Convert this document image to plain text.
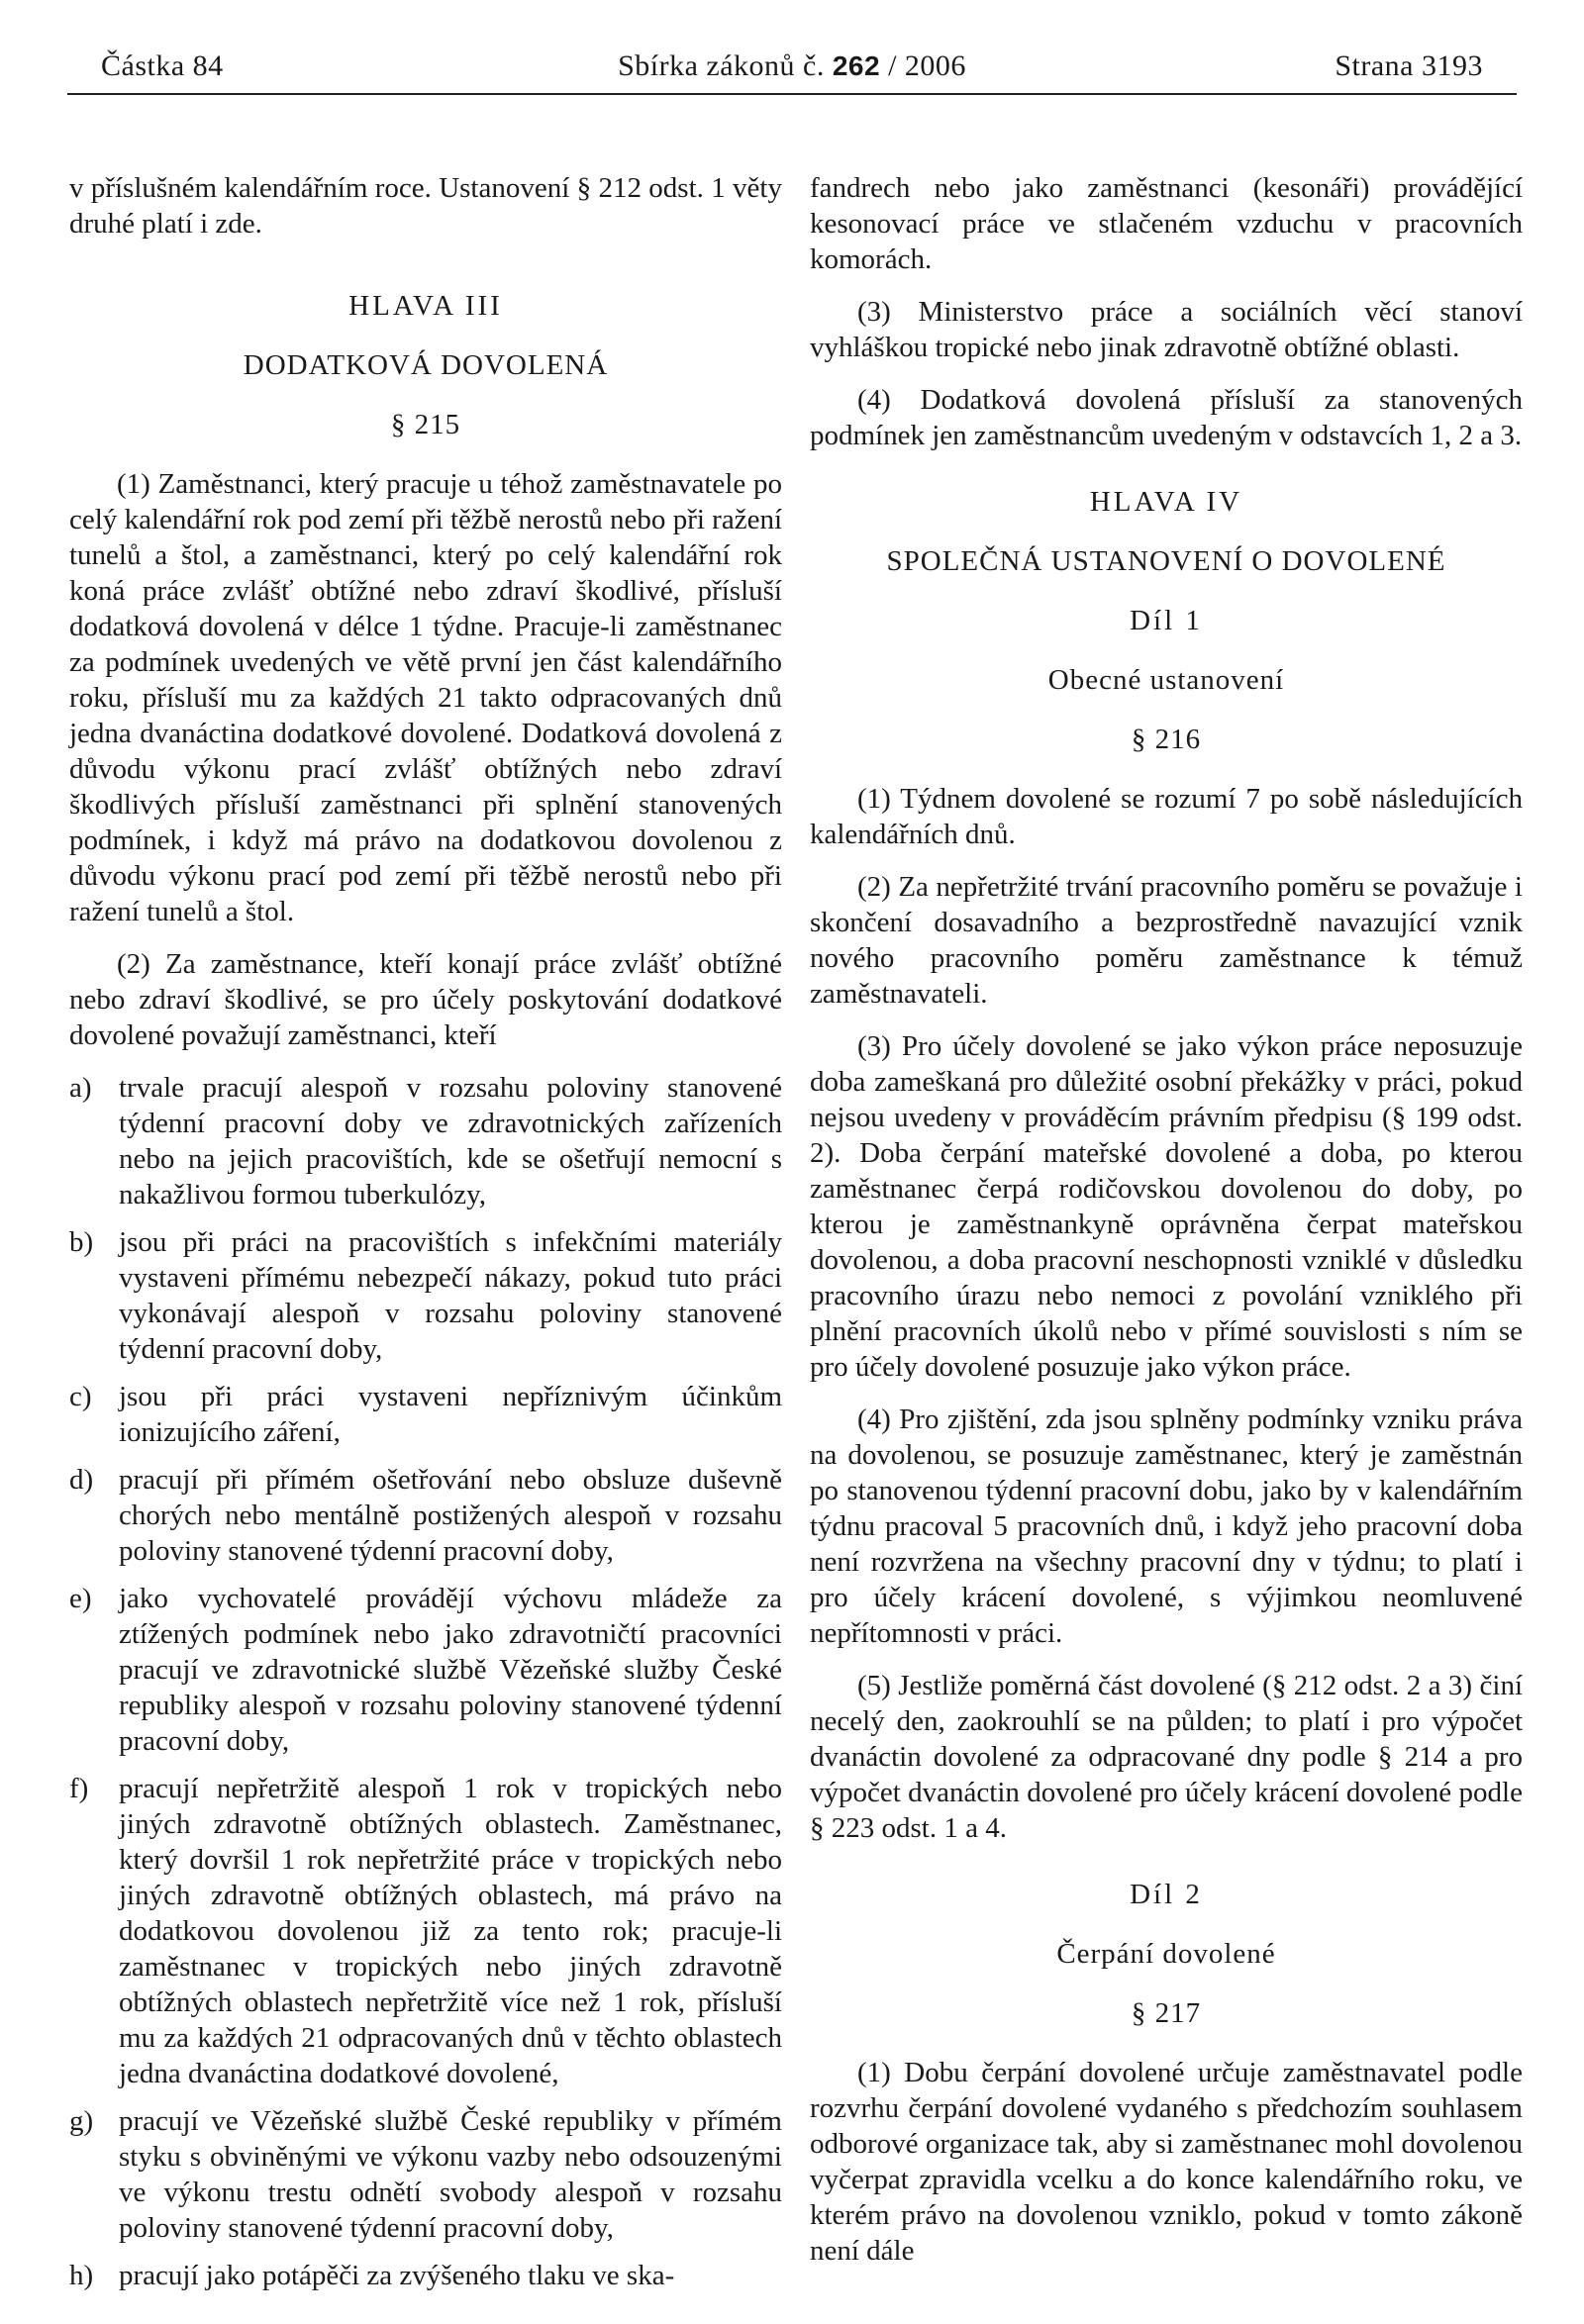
Částka 84	Sbírka zákonů č. 262 / 2006	Strana 3193

v příslušném kalendářním roce. Ustanovení § 212 odst. 1 věty druhé platí i zde.

HLAVA III
DODATKOVÁ DOVOLENÁ
§ 215

(1) Zaměstnanci, který pracuje u téhož zaměstnavatele po celý kalendářní rok pod zemí při těžbě nerostů nebo při ražení tunelů a štol, a zaměstnanci, který po celý kalendářní rok koná práce zvlášť obtížné nebo zdraví škodlivé, přísluší dodatková dovolená v délce 1 týdne. Pracuje-li zaměstnanec za podmínek uvedených ve větě první jen část kalendářního roku, přísluší mu za každých 21 takto odpracovaných dnů jedna dvanáctina dodatkové dovolené. Dodatková dovolená z důvodu výkonu prací zvlášť obtížných nebo zdraví škodlivých přísluší zaměstnanci při splnění stanovených podmínek, i když má právo na dodatkovou dovolenou z důvodu výkonu prací pod zemí při těžbě nerostů nebo při ražení tunelů a štol.

(2) Za zaměstnance, kteří konají práce zvlášť obtížné nebo zdraví škodlivé, se pro účely poskytování dodatkové dovolené považují zaměstnanci, kteří

a) trvale pracují alespoň v rozsahu poloviny stanovené týdenní pracovní doby ve zdravotnických zařízeních nebo na jejich pracovištích, kde se ošetřují nemocní s nakažlivou formou tuberkulózy,
b) jsou při práci na pracovištích s infekčními materiály vystaveni přímému nebezpečí nákazy, pokud tuto práci vykonávají alespoň v rozsahu poloviny stanovené týdenní pracovní doby,
c) jsou při práci vystaveni nepříznivým účinkům ionizujícího záření,
d) pracují při přímém ošetřování nebo obsluze duševně chorých nebo mentálně postižených alespoň v rozsahu poloviny stanovené týdenní pracovní doby,
e) jako vychovatelé provádějí výchovu mládeže za ztížených podmínek nebo jako zdravotničtí pracovníci pracují ve zdravotnické službě Vězeňské služby České republiky alespoň v rozsahu poloviny stanovené týdenní pracovní doby,
f)	pracují nepřetržitě alespoň 1 rok v tropických nebo jiných zdravotně obtížných oblastech. Zaměstnanec, který dovršil 1 rok nepřetržité práce v tropických nebo jiných zdravotně obtížných oblastech, má právo na dodatkovou dovolenou již za tento rok; pracuje-li zaměstnanec v tropických nebo jiných zdravotně obtížných oblastech nepřetržitě více než 1 rok, přísluší mu za každých 21 odpracovaných dnů v těchto oblastech jedna dvanáctina dodatkové dovolené,
g) pracují ve Vězeňské službě České republiky v přímém styku s obviněnými ve výkonu vazby nebo odsouzenými ve výkonu trestu odnětí svobody alespoň v rozsahu poloviny stanovené týdenní pracovní doby,
h) pracují jako potápěči za zvýšeného tlaku ve ska-

fandrech nebo jako zaměstnanci (kesonáři) provádějící kesonovací práce ve stlačeném vzduchu v pracovních komorách.

(3) Ministerstvo práce a sociálních věcí stanoví vyhláškou tropické nebo jinak zdravotně obtížné oblasti.

(4) Dodatková dovolená přísluší za stanovených podmínek jen zaměstnancům uvedeným v odstavcích 1, 2 a 3.

HLAVA IV
SPOLEČNÁ USTANOVENÍ O DOVOLENÉ
Díl 1
Obecné ustanovení
§ 216

(1) Týdnem dovolené se rozumí 7 po sobě následujících kalendářních dnů.

(2) Za nepřetržité trvání pracovního poměru se považuje i skončení dosavadního a bezprostředně navazující vznik nového pracovního poměru zaměstnance k témuž zaměstnavateli.

(3) Pro účely dovolené se jako výkon práce neposuzuje doba zameškaná pro důležité osobní překážky v práci, pokud nejsou uvedeny v prováděcím právním předpisu (§ 199 odst. 2). Doba čerpání mateřské dovolené a doba, po kterou zaměstnanec čerpá rodičovskou dovolenou do doby, po kterou je zaměstnankyně oprávněna čerpat mateřskou dovolenou, a doba pracovní neschopnosti vzniklé v důsledku pracovního úrazu nebo nemoci z povolání vzniklého při plnění pracovních úkolů nebo v přímé souvislosti s ním se pro účely dovolené posuzuje jako výkon práce.

(4) Pro zjištění, zda jsou splněny podmínky vzniku práva na dovolenou, se posuzuje zaměstnanec, který je zaměstnán po stanovenou týdenní pracovní dobu, jako by v kalendářním týdnu pracoval 5 pracovních dnů, i když jeho pracovní doba není rozvržena na všechny pracovní dny v týdnu; to platí i pro účely krácení dovolené, s výjimkou neomluvené nepřítomnosti v práci.

(5) Jestliže poměrná část dovolené (§ 212 odst. 2 a 3) činí necelý den, zaokrouhlí se na půlden; to platí i pro výpočet dvanáctin dovolené za odpracované dny podle § 214 a pro výpočet dvanáctin dovolené pro účely krácení dovolené podle § 223 odst. 1 a 4.

Díl 2
Čerpání dovolené
§ 217

(1) Dobu čerpání dovolené určuje zaměstnavatel podle rozvrhu čerpání dovolené vydaného s předchozím souhlasem odborové organizace tak, aby si zaměstnanec mohl dovolenou vyčerpat zpravidla vcelku a do konce kalendářního roku, ve kterém právo na dovolenou vzniklo, pokud v tomto zákoně není dále
